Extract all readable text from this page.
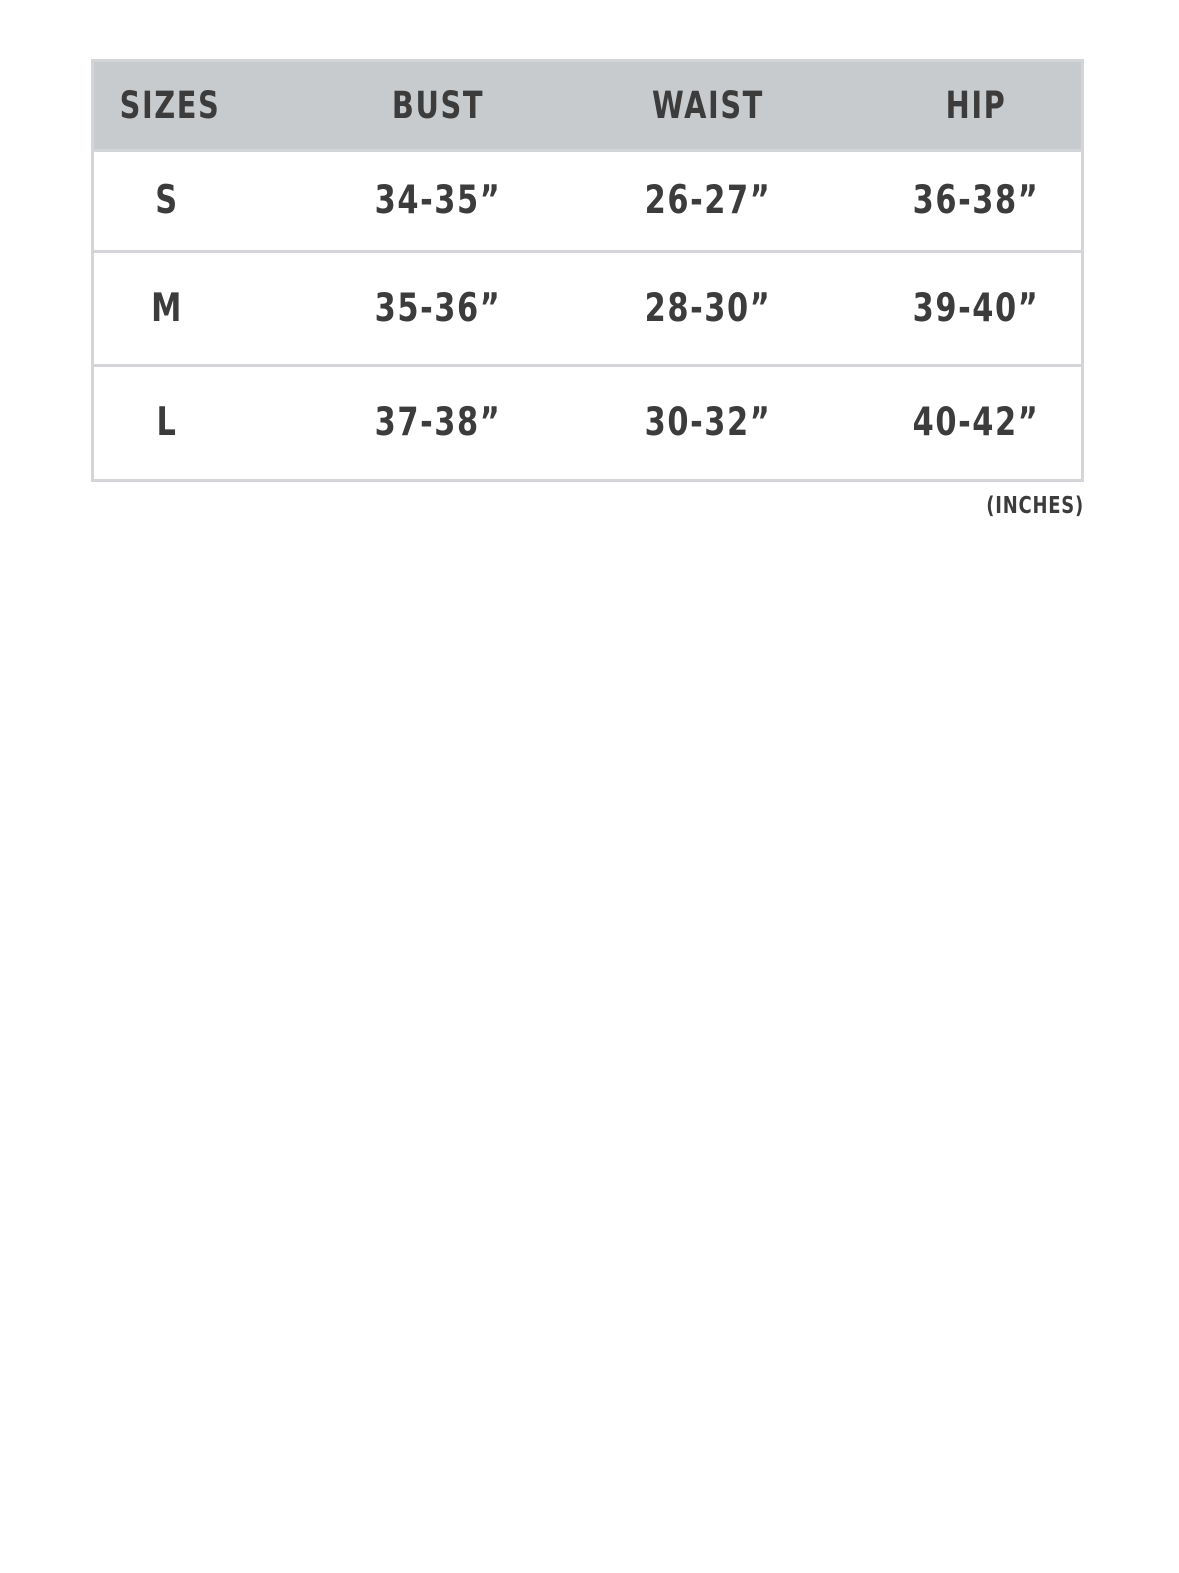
SIZES	BUST	WAIST	HIP
S	34-35”	26-27”	36-38”
M	35-36”	28-30”	39-40”
L	37-38”	30-32”	40-42”
(INCHES)
